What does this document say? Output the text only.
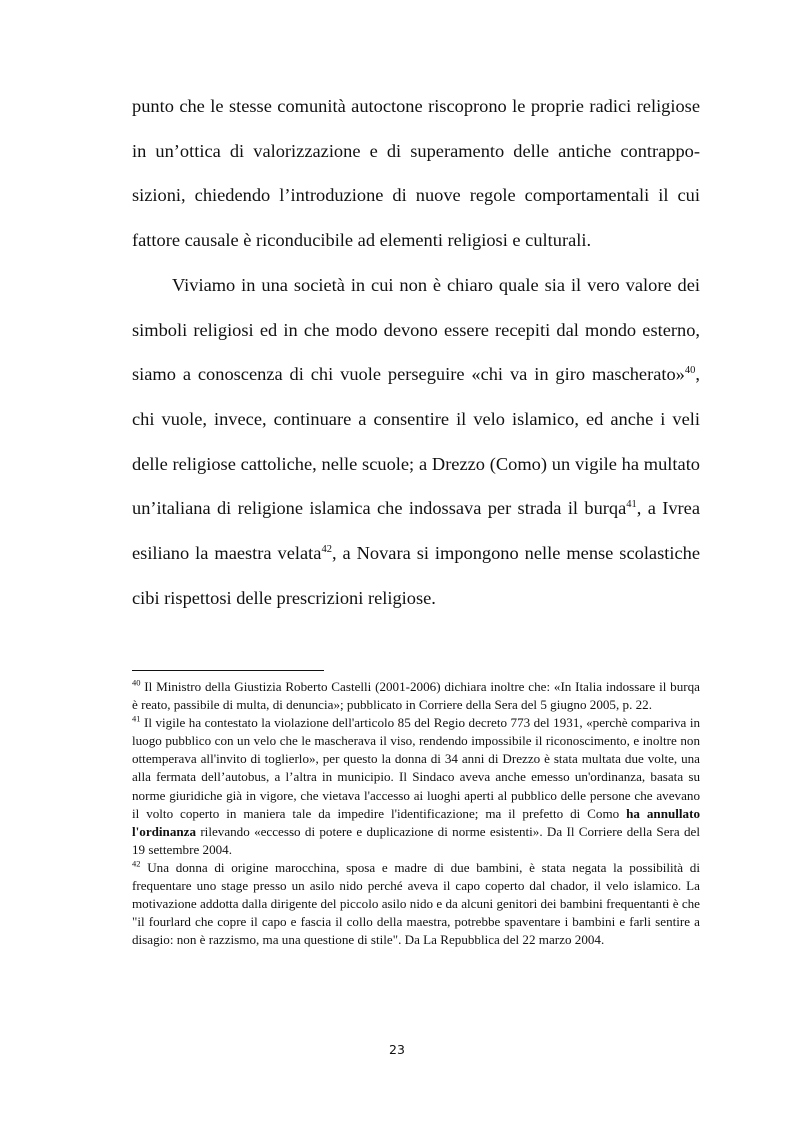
punto che le stesse comunità autoctone riscoprono le proprie radici religiose in un’ottica di valorizzazione e di superamento delle antiche contrapposizioni, chiedendo l’introduzione di nuove regole comportamentali il cui fattore causale è riconducibile ad elementi religiosi e culturali.

Viviamo in una società in cui non è chiaro quale sia il vero valore dei simboli religiosi ed in che modo devono essere recepiti dal mondo esterno, siamo a conoscenza di chi vuole perseguire «chi va in giro mascherato»$^{40}$, chi vuole, invece, continuare a consentire il velo islamico, ed anche i veli delle religiose cattoliche, nelle scuole; a Drezzo (Como) un vigile ha multato un’italiana di religione islamica che indossava per strada il burqa$^{41}$, a Ivrea esiliano la maestra velata$^{42}$, a Novara si impongono nelle mense scolastiche cibi rispettosi delle prescrizioni religiose.

$^{40}$ Il Ministro della Giustizia Roberto Castelli (2001-2006) dichiara inoltre che: «In Italia indossare il burqa è reato, passibile di multa, di denuncia»; pubblicato in Corriere della Sera del 5 giugno 2005, p. 22.

$^{41}$ Il vigile ha contestato la violazione dell'articolo 85 del Regio decreto 773 del 1931, «perchè compariva in luogo pubblico con un velo che le mascherava il viso, rendendo impossibile il riconoscimento, e inoltre non ottemperava all'invito di toglierlo», per questo la donna di 34 anni di Drezzo è stata multata due volte, una alla fermata dell’autobus, a l’altra in municipio. Il Sindaco aveva anche emesso un'ordinanza, basata su norme giuridiche già in vigore, che vietava l'accesso ai luoghi aperti al pubblico delle persone che avevano il volto coperto in maniera tale da impedire l'identificazione; ma il prefetto di Como ha annullato l'ordinanza rilevando «eccesso di potere e duplicazione di norme esistenti». Da Il Corriere della Sera del 19 settembre 2004.

$^{42}$ Una donna di origine marocchina, sposa e madre di due bambini, è stata negata la possibilità di frequentare uno stage presso un asilo nido perché aveva il capo coperto dal chador, il velo islamico. La motivazione addotta dalla dirigente del piccolo asilo nido e da alcuni genitori dei bambini frequentanti è che "il fourlard che copre il capo e fascia il collo della maestra, potrebbe spaventare i bambini e farli sentire a disagio: non è razzismo, ma una questione di stile". Da La Repubblica del 22 marzo 2004.

23
